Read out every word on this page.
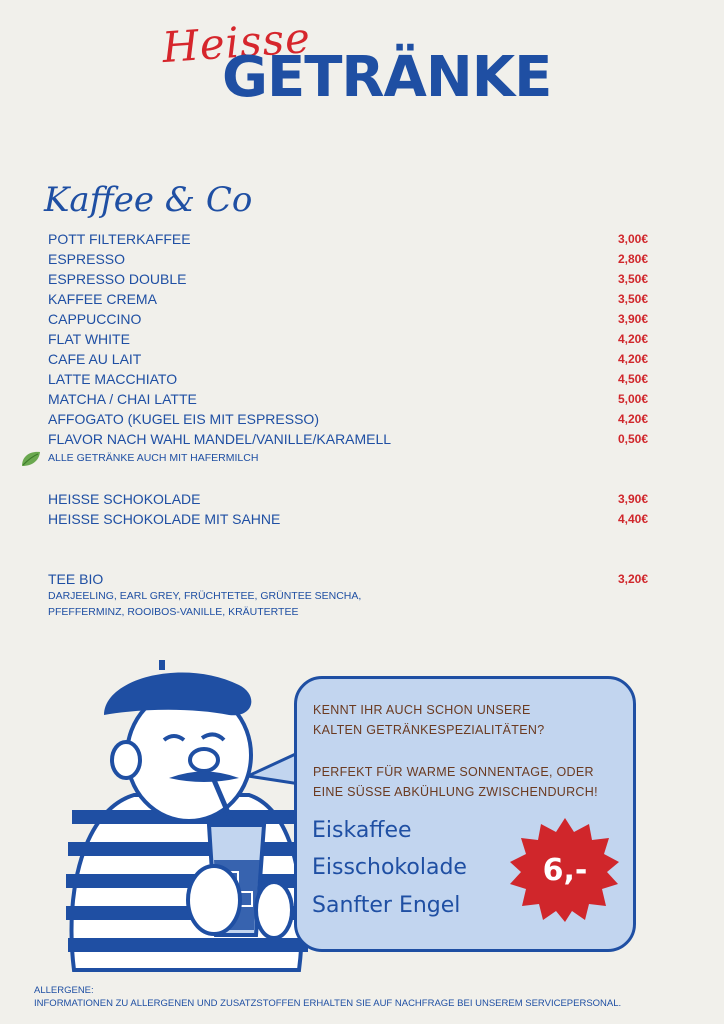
Heisse
GETRÄNKE
Kaffee & Co
POTT FILTERKAFFEE	3,00€
ESPRESSO	2,80€
ESPRESSO DOUBLE	3,50€
KAFFEE CREMA	3,50€
CAPPUCCINO	3,90€
FLAT WHITE	4,20€
CAFE AU LAIT	4,20€
LATTE MACCHIATO	4,50€
MATCHA / CHAI LATTE	5,00€
AFFOGATO (KUGEL EIS MIT ESPRESSO)	4,20€
FLAVOR NACH WAHL MANDEL/VANILLE/KARAMELL	0,50€
ALLE GETRÄNKE AUCH MIT HAFERMILCH
HEISSE SCHOKOLADE	3,90€
HEISSE SCHOKOLADE MIT SAHNE	4,40€
TEE BIO	3,20€
DARJEELING, EARL GREY, FRÜCHTETEE, GRÜNTEE SENCHA,
PFEFFERMINZ, ROOIBOS-VANILLE, KRÄUTERTEE
KENNT IHR AUCH SCHON UNSERE
KALTEN GETRÄNKESPEZIALITÄTEN?
PERFEKT FÜR WARME SONNENTAGE, ODER
EINE SÜSSE ABKÜHLUNG ZWISCHENDURCH!
Eiskaffee
Eisschokolade
Sanfter Engel
6,-
ALLERGENE:
INFORMATIONEN ZU ALLERGENEN UND ZUSATZSTOFFEN ERHALTEN SIE AUF NACHFRAGE BEI UNSEREM SERVICEPERSONAL.
